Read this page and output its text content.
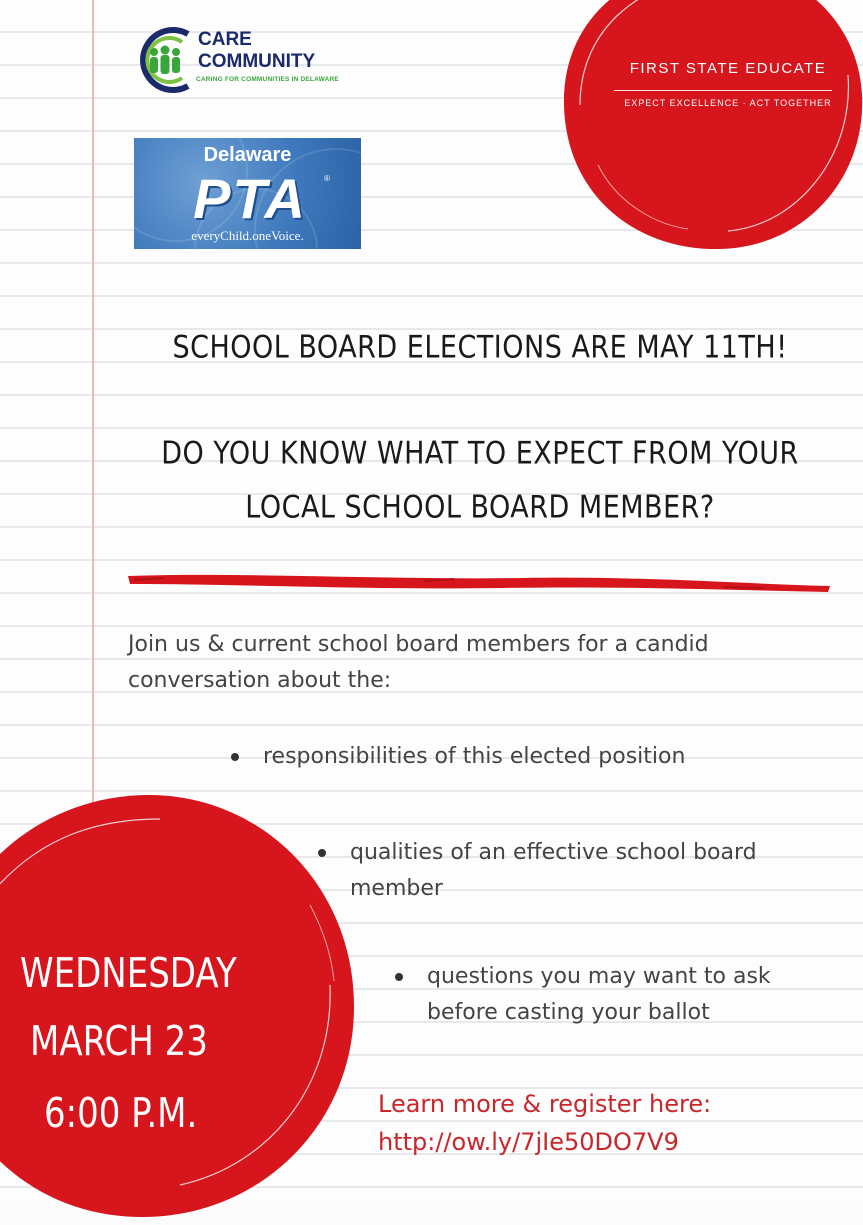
FIRST STATE EDUCATE
EXPECT EXCELLENCE · ACT TOGETHER
CARE
COMMUNITY
CARING FOR COMMUNITIES IN DELAWARE
Delaware
PTA	®
everyChild.oneVoice.
SCHOOL BOARD ELECTIONS ARE MAY 11TH!
DO YOU KNOW WHAT TO EXPECT FROM YOUR
LOCAL SCHOOL BOARD MEMBER?
Join us & current school board members for a candid conversation about the:
responsibilities of this elected position
qualities of an effective school board member
questions you may want to ask before casting your ballot
WEDNESDAY
MARCH 23
6:00 P.M.	Learn more & register here:
http://ow.ly/7jIe50DO7V9
